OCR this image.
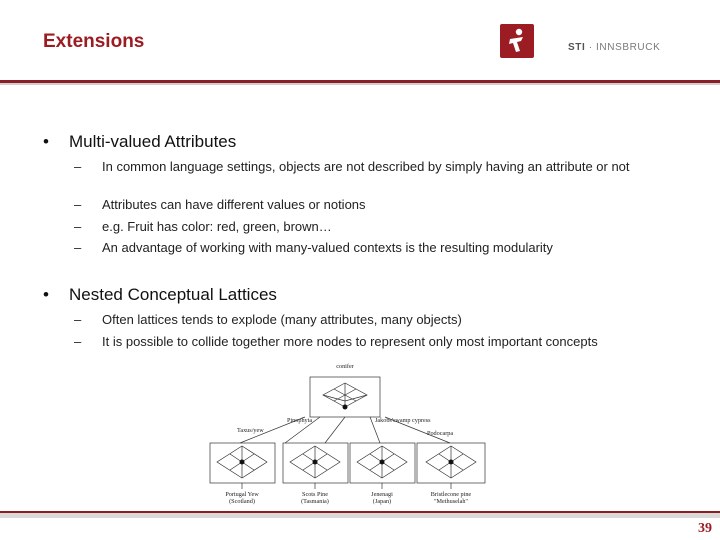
Extensions	STI · INNSBRUCK
• Multi-valued Attributes
– In common language settings, objects are not described by simply having an attribute or not
– Attributes can have different values or notions
– e.g. Fruit has color: red, green, brown…
– An advantage of working with many-valued contexts is the resulting modularity
• Nested Conceptual Lattices
– Often lattices tends to explode (many attributes, many objects)
– It is possible to collide together more nodes to represent only most important concepts
conifer
Pinophyta	Jakobs'swamp cypress
Taxus/yew	Podocarpa
Portugal Yew
(Scotland)
Scots Pine
(Tasmania)
Jenenagi
(Japan)
Bristlecone pine
"Methuselah"
39
